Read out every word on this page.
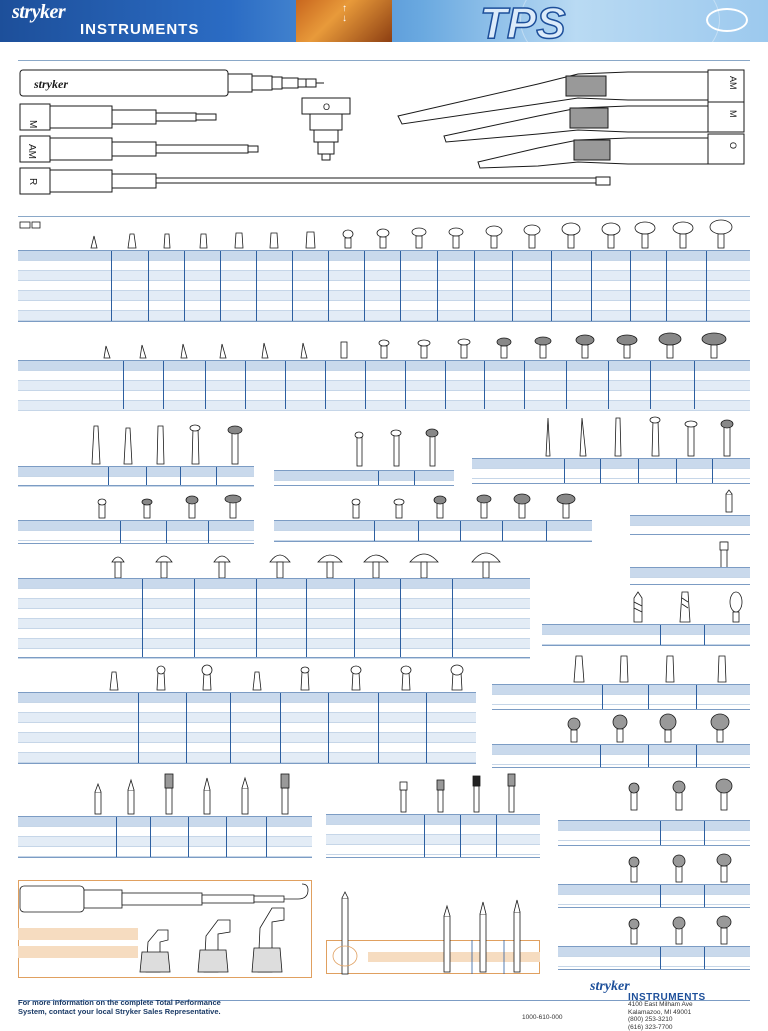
↑
↓	TPS
stryker
INSTRUMENTS
stryker
M
AM
R
O
AM
M
O
For more information on the complete Total Performance System, contact your local Stryker Sales Representative.
1000-610-000
stryker
INSTRUMENTS
4100 East Milham Ave
Kalamazoo, MI 49001
(800) 253-3210
(616) 323-7700
